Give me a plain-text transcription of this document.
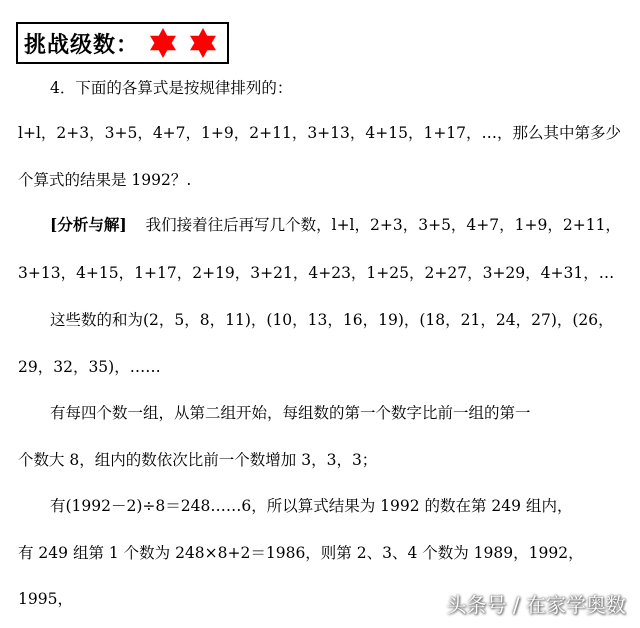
挑战级数：
4．下面的各算式是按规律排列的：
l+l，2+3，3+5，4+7，1+9，2+11，3+13，4+15，1+17，…，那么其中第多少
个算式的结果是 1992？.
[分析与解] 我们接着往后再写几个数，l+l，2+3，3+5，4+7，1+9，2+11，
3+13，4+15，1+17，2+19，3+21，4+23，1+25，2+27，3+29，4+31，…
这些数的和为(2，5，8，11)，(10，13，16，19)，(18，21，24，27)，(26，
29，32，35)，……
有每四个数一组，从第二组开始，每组数的第一个数字比前一组的第一
个数大 8，组内的数依次比前一个数增加 3，3，3；
有(1992－2)÷8＝248……6，所以算式结果为 1992 的数在第 249 组内，
有 249 组第 1 个数为 248×8+2＝1986，则第 2、3、4 个数为 1989，1992，
1995，	头条号 / 在家学奥数
